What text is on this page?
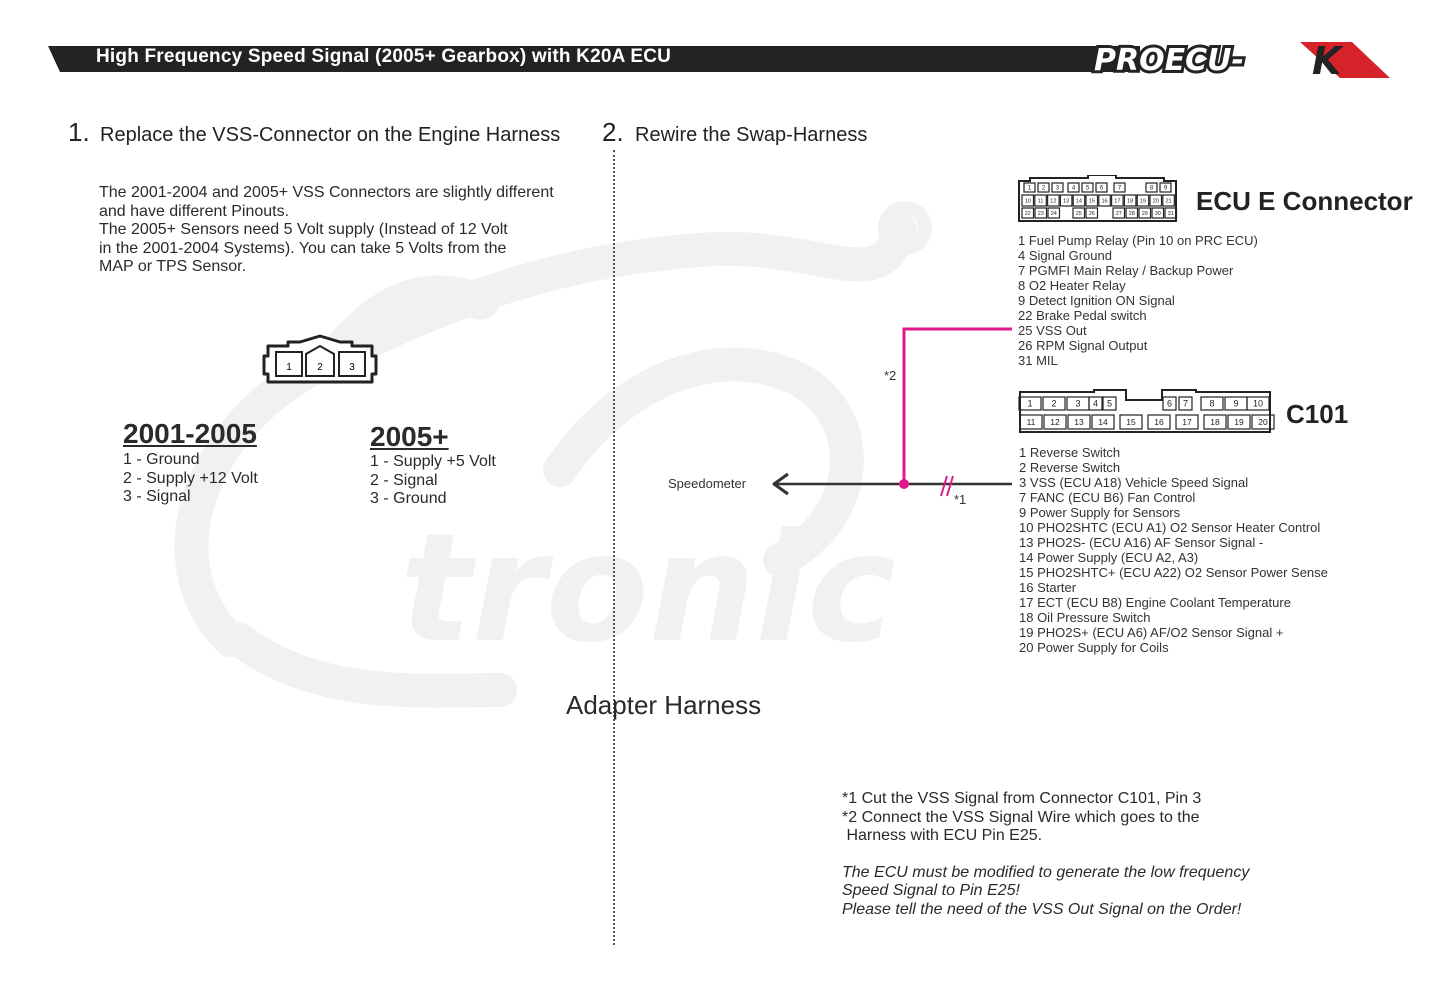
tronic
High Frequency Speed Signal (2005+ Gearbox) with K20A ECU	PROECU- K
1. Replace the VSS-Connector on the Engine Harness
The 2001-2004 and 2005+ VSS Connectors are slightly different
and have different Pinouts.
The 2005+ Sensors need 5 Volt supply (Instead of 12 Volt
in the 2001-2004 Systems). You can take 5 Volts from the
MAP or TPS Sensor.
1	2	3
2001-2005
1 - Ground
2 - Supply +12 Volt
3 - Signal
2005+
1 - Supply +5 Volt
2 - Signal
3 - Ground
Adapter Harness
2. Rewire the Swap-Harness
*1
*2
Speedometer
1 2 3 4 5 6 7	8 9
10 11 12 13 14 15 16 17 18 19 20 21
22 23 24	25 26	27 28 29 30 31 ECU E Connector
1 Fuel Pump Relay (Pin 10 on PRC ECU)
4 Signal Ground
7 PGMFI Main Relay / Backup Power
8 O2 Heater Relay
9 Detect Ignition ON Signal
22 Brake Pedal switch
25 VSS Out
26 RPM Signal Output
31 MIL
1 2 3 4 5	6 7 8 9 10
11 12 13 14 15 16 17 18 19 20 C101
1 Reverse Switch
2 Reverse Switch
3 VSS (ECU A18) Vehicle Speed Signal
7 FANC (ECU B6) Fan Control
9 Power Supply for Sensors
10 PHO2SHTC (ECU A1) O2 Sensor Heater Control
13 PHO2S- (ECU A16) AF Sensor Signal -
14 Power Supply (ECU A2, A3)
15 PHO2SHTC+ (ECU A22) O2 Sensor Power Sense
16 Starter
17 ECT (ECU B8) Engine Coolant Temperature
18 Oil Pressure Switch
19 PHO2S+ (ECU A6) AF/O2 Sensor Signal +
20 Power Supply for Coils
*1 Cut the VSS Signal from Connector C101, Pin 3
*2 Connect the VSS Signal Wire which goes to the
Harness with ECU Pin E25.
The ECU must be modified to generate the low frequency
Speed Signal to Pin E25!
Please tell the need of the VSS Out Signal on the Order!
